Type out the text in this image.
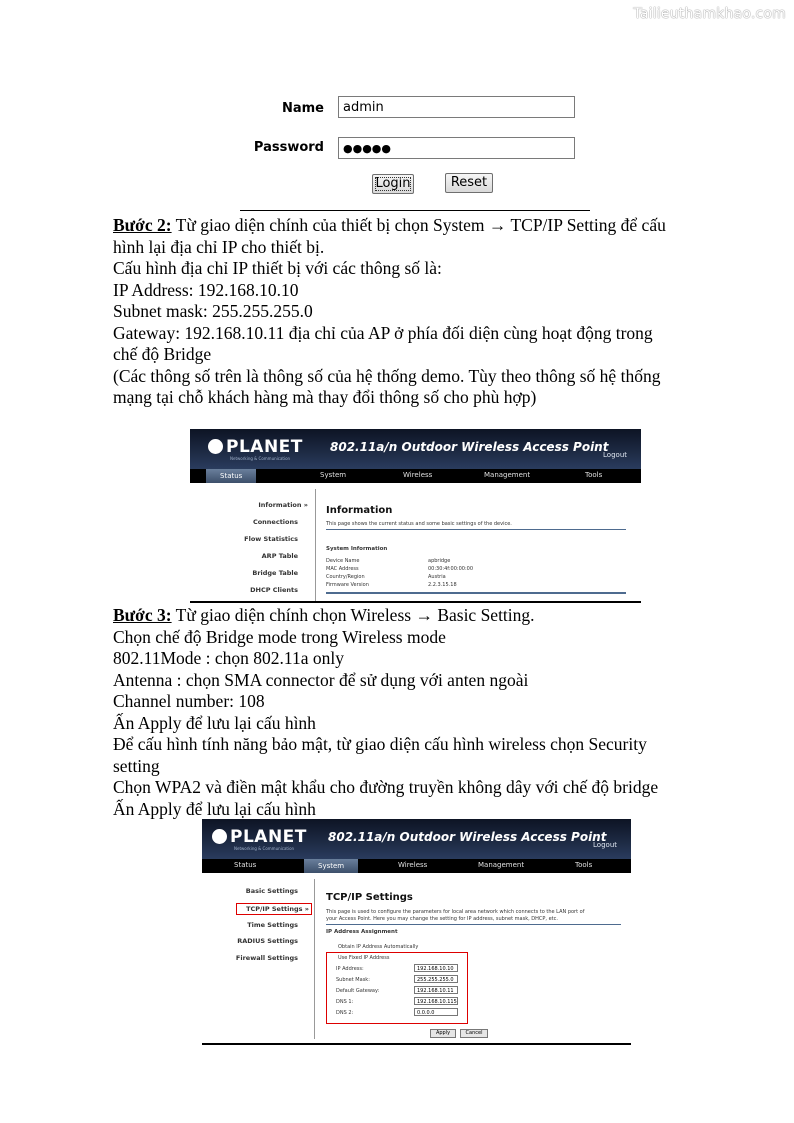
Tailieuthamkhao.com
Name	admin
Password	●●●●●
Login	Reset
Bước 2: Từ giao diện chính của thiết bị chọn System → TCP/IP Setting để cấu
hình lại địa chỉ IP cho thiết bị.
Cấu hình địa chỉ IP thiết bị với các thông số là:
IP Address: 192.168.10.10
Subnet mask: 255.255.255.0
Gateway: 192.168.10.11 địa chỉ của AP ở phía đối diện cùng hoạt động trong
chế độ Bridge
(Các thông số trên là thông số của hệ thống demo. Tùy theo thông số hệ thống
mạng tại chỗ khách hàng mà thay đổi thông số cho phù hợp)
PLANET
Networking & Communication
802.11a/n Outdoor Wireless Access Point
Logout
Status	System	Wireless	Management	Tools
Information »
Connections
Flow Statistics
ARP Table
Bridge Table
DHCP Clients
Information
This page shows the current status and some basic settings of the device.
System Information
Device Name	apbridge
MAC Address	00:30:4f:00:00:00
Country/Region	Austria
Firmware Version	2.2.3.15.18
Bước 3: Từ giao diện chính chọn Wireless → Basic Setting.
Chọn chế độ Bridge mode trong Wireless mode
802.11Mode : chọn 802.11a only
Antenna : chọn SMA connector để sử dụng với anten ngoài
Channel number: 108
Ấn Apply để lưu lại cấu hình
Để cấu hình tính năng bảo mật, từ giao diện cấu hình wireless chọn Security
setting
Chọn WPA2 và điền mật khẩu cho đường truyền không dây với chế độ bridge
Ấn Apply để lưu lại cấu hình
PLANET
Networking & Communication
802.11a/n Outdoor Wireless Access Point
Logout
Status	System	Wireless	Management	Tools
Basic Settings
TCP/IP Settings »
Time Settings
RADIUS Settings
Firewall Settings
TCP/IP Settings
This page is used to configure the parameters for local area network which connects to the LAN port of
your Access Point. Here you may change the setting for IP address, subnet mask, DHCP, etc.
IP Address Assignment
Obtain IP Address Automatically
Use Fixed IP Address
IP Address:	192.168.10.10
Subnet Mask:	255.255.255.0
Default Gateway:	192.168.10.11
DNS 1:	192.168.10.115
DNS 2:	0.0.0.0
Apply	Cancel
